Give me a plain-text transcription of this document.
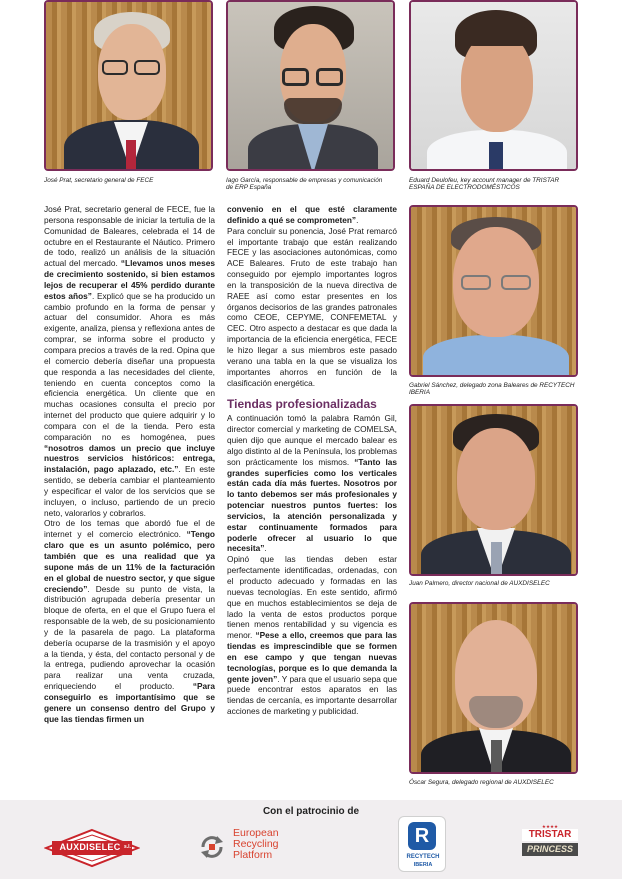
José Prat, secretario general de FECE	Iago García, responsable de empresas y comunicación de ERP España
Eduard Deulofeu, key account manager de TRISTAR ESPAÑA DE ELECTRODOMÉSTICOS
Gabriel Sánchez, delegado zona Baleares de RECYTECH IBERIA
Juan Palmero, director nacional de AUXDISELEC
Óscar Segura, delegado regional de AUXDISELEC

José Prat, secretario general de FECE, fue la persona responsable de iniciar la tertulia de la Comunidad de Baleares, celebrada el 14 de octubre en el Restaurante el Náutico. Primero de todo, realizó un análisis de la situación actual del mercado. “Llevamos unos meses de crecimiento sostenido, si bien estamos lejos de recuperar el 45% perdido durante estos años”. Explicó que se ha producido un cambio profundo en la forma de pensar y actuar del consumidor. Ahora es más exigente, analiza, piensa y reflexiona antes de comprar, se informa sobre el producto y compara precios a través de la red. Opina que el comercio debería diseñar una propuesta que responda a las necesidades del cliente, teniendo en cuenta conceptos como la eficiencia energética. Un cliente que en muchas ocasiones consulta el precio por internet del producto que quiere adquirir y lo compara con el de la tienda. Pero esta comparación no es homogénea, pues “nosotros damos un precio que incluye nuestros servicios históricos: entrega, instalación, pago aplazado, etc.”. En este sentido, se debería cambiar el planteamiento y especificar el valor de los servicios que se incluyen, o incluso, partiendo de un precio neto, valorarlos y cobrarlos.

Otro de los temas que abordó fue el de internet y el comercio electrónico. “Tengo claro que es un asunto polémico, pero también que es una realidad que ya supone más de un 11% de la facturación en el global de nuestro sector, y que sigue creciendo”. Desde su punto de vista, la distribución agrupada debería presentar un bloque de oferta, en el que el Grupo fuera el responsable de la web, de su posicionamiento y de la pasarela de pago. La plataforma debería ocuparse de la trasmisión y el apoyo a la tienda, y ésta, del contacto personal y de la entrega, pudiendo aprovechar la ocasión para realizar una venta cruzada, enriqueciendo el producto. “Para conseguirlo es importantísimo que se genere un consenso dentro del Grupo y que las tiendas firmen un

convenio en el que esté claramente definido a qué se comprometen”.

Para concluir su ponencia, José Prat remarcó el importante trabajo que están realizando FECE y las asociaciones autonómicas, como ACE Baleares. Fruto de este trabajo han conseguido por ejemplo importantes logros en la transposición de la nueva directiva de RAEE así como estar presentes en los órganos decisorios de las grandes patronales como CEOE, CEPYME, CONFEMETAL y CEC. Otro aspecto a destacar es que dada la importancia de la eficiencia energética, FECE le hizo llegar a sus miembros este pasado verano una tabla en la que se visualiza los importantes ahorros en función de la clasificación energética.

Tiendas profesionalizadas

A continuación tomó la palabra Ramón Gil, director comercial y marketing de COMELSA, quien dijo que aunque el mercado balear es algo distinto al de la Península, los problemas son prácticamente los mismos. “Tanto las grandes superficies como los verticales están cada día más fuertes. Nosotros por lo tanto debemos ser más profesionales y potenciar nuestros puntos fuertes: los servicios, la atención personalizada y estar continuamente formados para poderle ofrecer al usuario lo que necesita”.

Opinó que las tiendas deben estar perfectamente identificadas, ordenadas, con el producto adecuado y formadas en las nuevas tecnologías. En este sentido, afirmó que en muchos establecimientos se deja de lado la venta de estos productos porque tienen menos rentabilidad y su vigencia es menor. “Pese a ello, creemos que para las tiendas es imprescindible que se formen en ese campo y que tengan nuevas tecnologías, porque es lo que demanda la gente joven”. Y para que el usuario sepa que puede encontrar estos aparatos en las tiendas de cercanía, es importante desarrollar acciones de marketing y publicidad.

Con el patrocinio de
AUXDISELEC s.l.
European
Recycling
Platform
R
RECYTECH
IBERIA
★★★★
TRISTAR
PRINCESS
